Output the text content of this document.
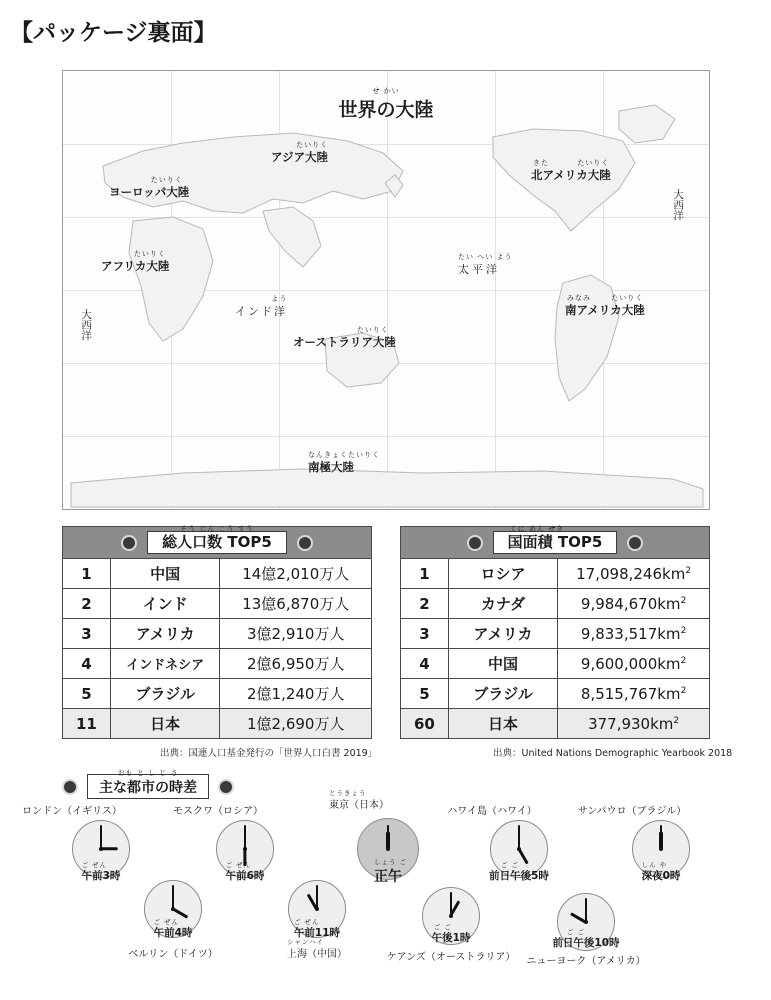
【パッケージ裏面】
せ かい
世界の大陸
たいりく
アジア大陸
たいりく
ヨーロッパ大陸
きた	たいりく
北アメリカ大陸
たいりく
アフリカ大陸
みなみ	たいりく
南アメリカ大陸
たいりく
オーストラリア大陸
なんきょくたいりく
南極大陸
たい へい よう
太平洋
よう
インド洋
大西洋
大西洋
そう じん こう すう
総人口数 TOP5		

1	中国	14億2,010万人
2	インド	13億6,870万人
3	アメリカ	3億2,910万人
4	インドネシア	2億6,950万人
5	ブラジル	2億1,240万人
11	日本	1億2,690万人
出典：国連人口基金発行の「世界人口白書 2019」
くに めん せき
国面積 TOP5		

1	ロシア	$17,098,246km^2$
2	カナダ	$9,984,670km^2$
3	アメリカ	$9,833,517km^2$
4	中国	$9,600,000km^2$
5	ブラジル	$8,515,767km^2$
60	日本	$377,930km^2$
出典：United Nations Demographic Yearbook 2018
おも と し じ さ
主な都市の時差
ロンドン（イギリス）
ご ぜん
午前3時
モスクワ（ロシア）
ご ぜん
午前6時
とうきょう
東京（日本）
しょう ご
正午
ハワイ島（ハワイ）
ご ご
前日午後5時
サンパウロ（ブラジル）
しん や
深夜0時
ご ぜん
午前4時
ベルリン（ドイツ）
ご ぜん
午前11時
シャンハイ
上海（中国）
ご ご
午後1時
ケアンズ（オーストラリア）
ご ご
前日午後10時
ニューヨーク（アメリカ）
